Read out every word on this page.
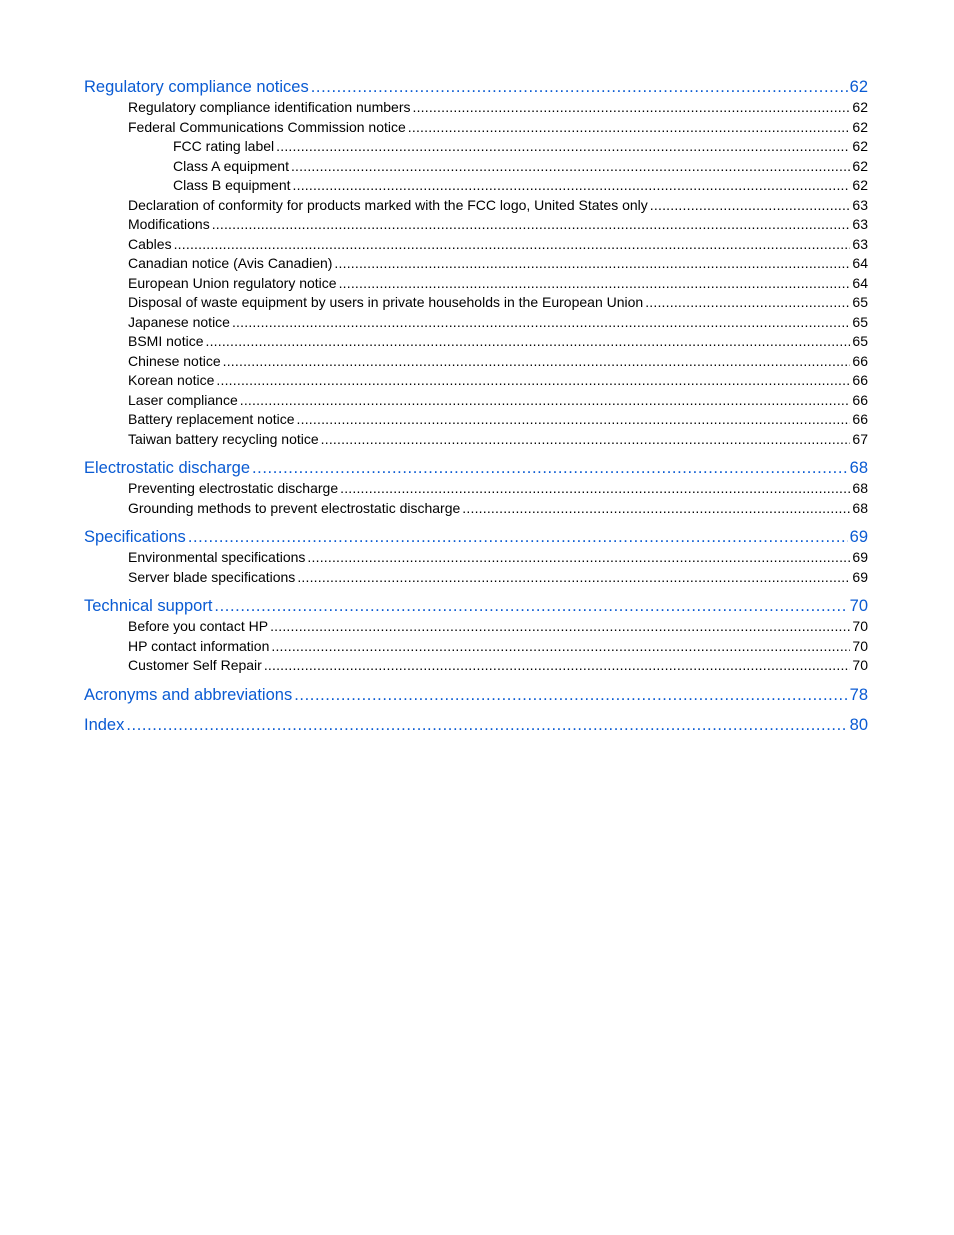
Regulatory compliance notices .....	62
Regulatory compliance identification numbers .....	62
Federal Communications Commission notice .....	62
FCC rating label .....	62
Class A equipment .....	62
Class B equipment .....	62
Declaration of conformity for products marked with the FCC logo, United States only .....	63
Modifications .....	63
Cables .....	63
Canadian notice (Avis Canadien) .....	64
European Union regulatory notice .....	64
Disposal of waste equipment by users in private households in the European Union .....	65
Japanese notice .....	65
BSMI notice .....	65
Chinese notice .....	66
Korean notice .....	66
Laser compliance .....	66
Battery replacement notice .....	66
Taiwan battery recycling notice .....	67
Electrostatic discharge .....	68
Preventing electrostatic discharge .....	68
Grounding methods to prevent electrostatic discharge .....	68
Specifications .....	69
Environmental specifications .....	69
Server blade specifications .....	69
Technical support .....	70
Before you contact HP .....	70
HP contact information .....	70
Customer Self Repair .....	70
Acronyms and abbreviations .....	78
Index .....	80
